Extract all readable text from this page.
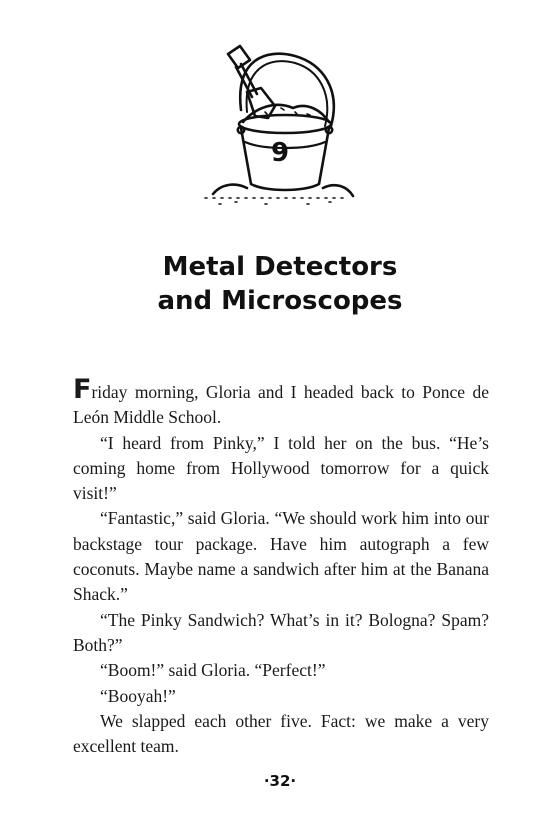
9
Metal Detectors
and Microscopes

Friday morning, Gloria and I headed back to Ponce de León Middle School.

“I heard from Pinky,” I told her on the bus. “He’s coming home from Hollywood tomorrow for a quick visit!”

“Fantastic,” said Gloria. “We should work him into our backstage tour package. Have him autograph a few coconuts. Maybe name a sandwich after him at the Banana Shack.”

“The Pinky Sandwich? What’s in it? Bologna? Spam? Both?”

“Boom!” said Gloria. “Perfect!”

“Booyah!”

We slapped each other five. Fact: we make a very excellent team.

·32·
